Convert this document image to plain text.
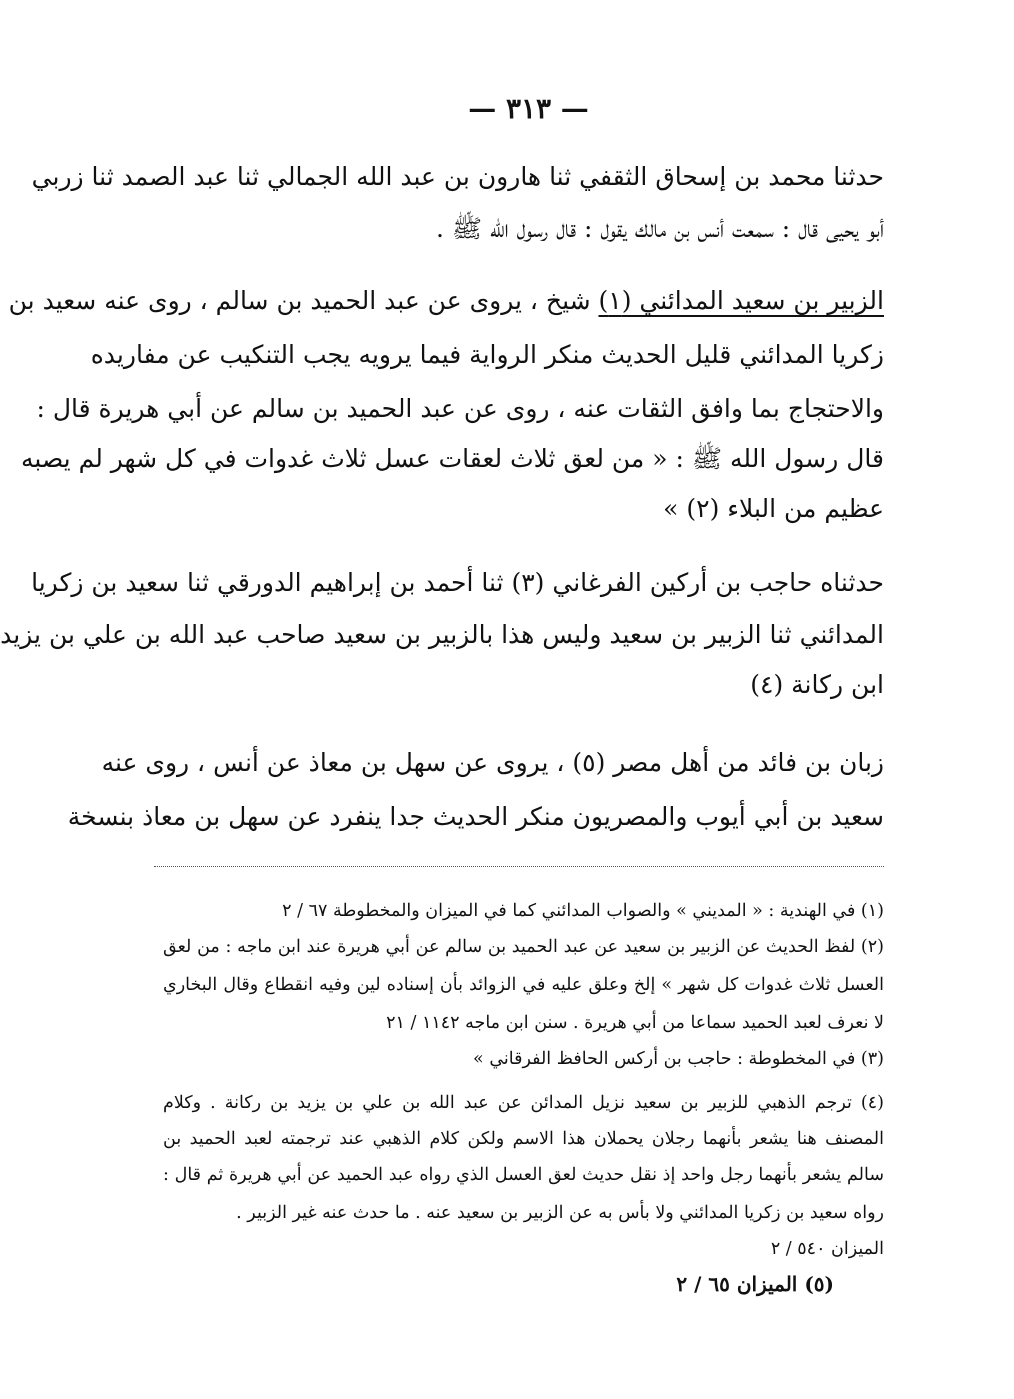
— ٣١٣ —
حدثنا محمد بن إسحاق الثقفي ثنا هارون بن عبد الله الجمالي ثنا عبد الصمد ثنا زربي
أبو يحيى قال : سمعت أنس بن مالك يقول : قال رسول الله ﷺ .
الزبير بن سعيد المدائني (١) شيخ ، يروى عن عبد الحميد بن سالم ، روى عنه سعيد بن
زكريا المدائني قليل الحديث منكر الرواية فيما يرويه يجب التنكيب عن مفاريده
والاحتجاج بما وافق الثقات عنه ، روى عن عبد الحميد بن سالم عن أبي هريرة قال :
قال رسول الله ﷺ : « من لعق ثلاث لعقات عسل ثلاث غدوات في كل شهر لم يصبه
عظيم من البلاء (٢) »
حدثناه حاجب بن أركين الفرغاني (٣) ثنا أحمد بن إبراهيم الدورقي ثنا سعيد بن زكريا
المدائني ثنا الزبير بن سعيد وليس هذا بالزبير بن سعيد صاحب عبد الله بن علي بن يزيد
ابن ركانة (٤)
زبان بن فائد من أهل مصر (٥) ، يروى عن سهل بن معاذ عن أنس ، روى عنه
سعيد بن أبي أيوب والمصريون منكر الحديث جدا ينفرد عن سهل بن معاذ بنسخة
(١) في الهندية : « المديني » والصواب المدائني كما في الميزان والمخطوطة ٦٧ / ٢
(٢) لفظ الحديث عن الزبير بن سعيد عن عبد الحميد بن سالم عن أبي هريرة عند ابن ماجه : من لعق
العسل ثلاث غدوات كل شهر » إلخ وعلق عليه في الزوائد بأن إسناده لين وفيه انقطاع وقال البخاري
لا نعرف لعبد الحميد سماعا من أبي هريرة . سنن ابن ماجه ١١٤٢ / ٢١
(٣) في المخطوطة : حاجب بن أركس الحافظ الفرقاني »
(٤) ترجم الذهبي للزبير بن سعيد نزيل المدائن عن عبد الله بن علي بن يزيد بن ركانة . وكلام
المصنف هنا يشعر بأنهما رجلان يحملان هذا الاسم ولكن كلام الذهبي عند ترجمته لعبد الحميد بن
سالم يشعر بأنهما رجل واحد إذ نقل حديث لعق العسل الذي رواه عبد الحميد عن أبي هريرة ثم قال :
رواه سعيد بن زكريا المدائني ولا بأس به عن الزبير بن سعيد عنه . ما حدث عنه غير الزبير .
الميزان ٥٤٠ / ٢
(٥) الميزان ٦٥ / ٢
